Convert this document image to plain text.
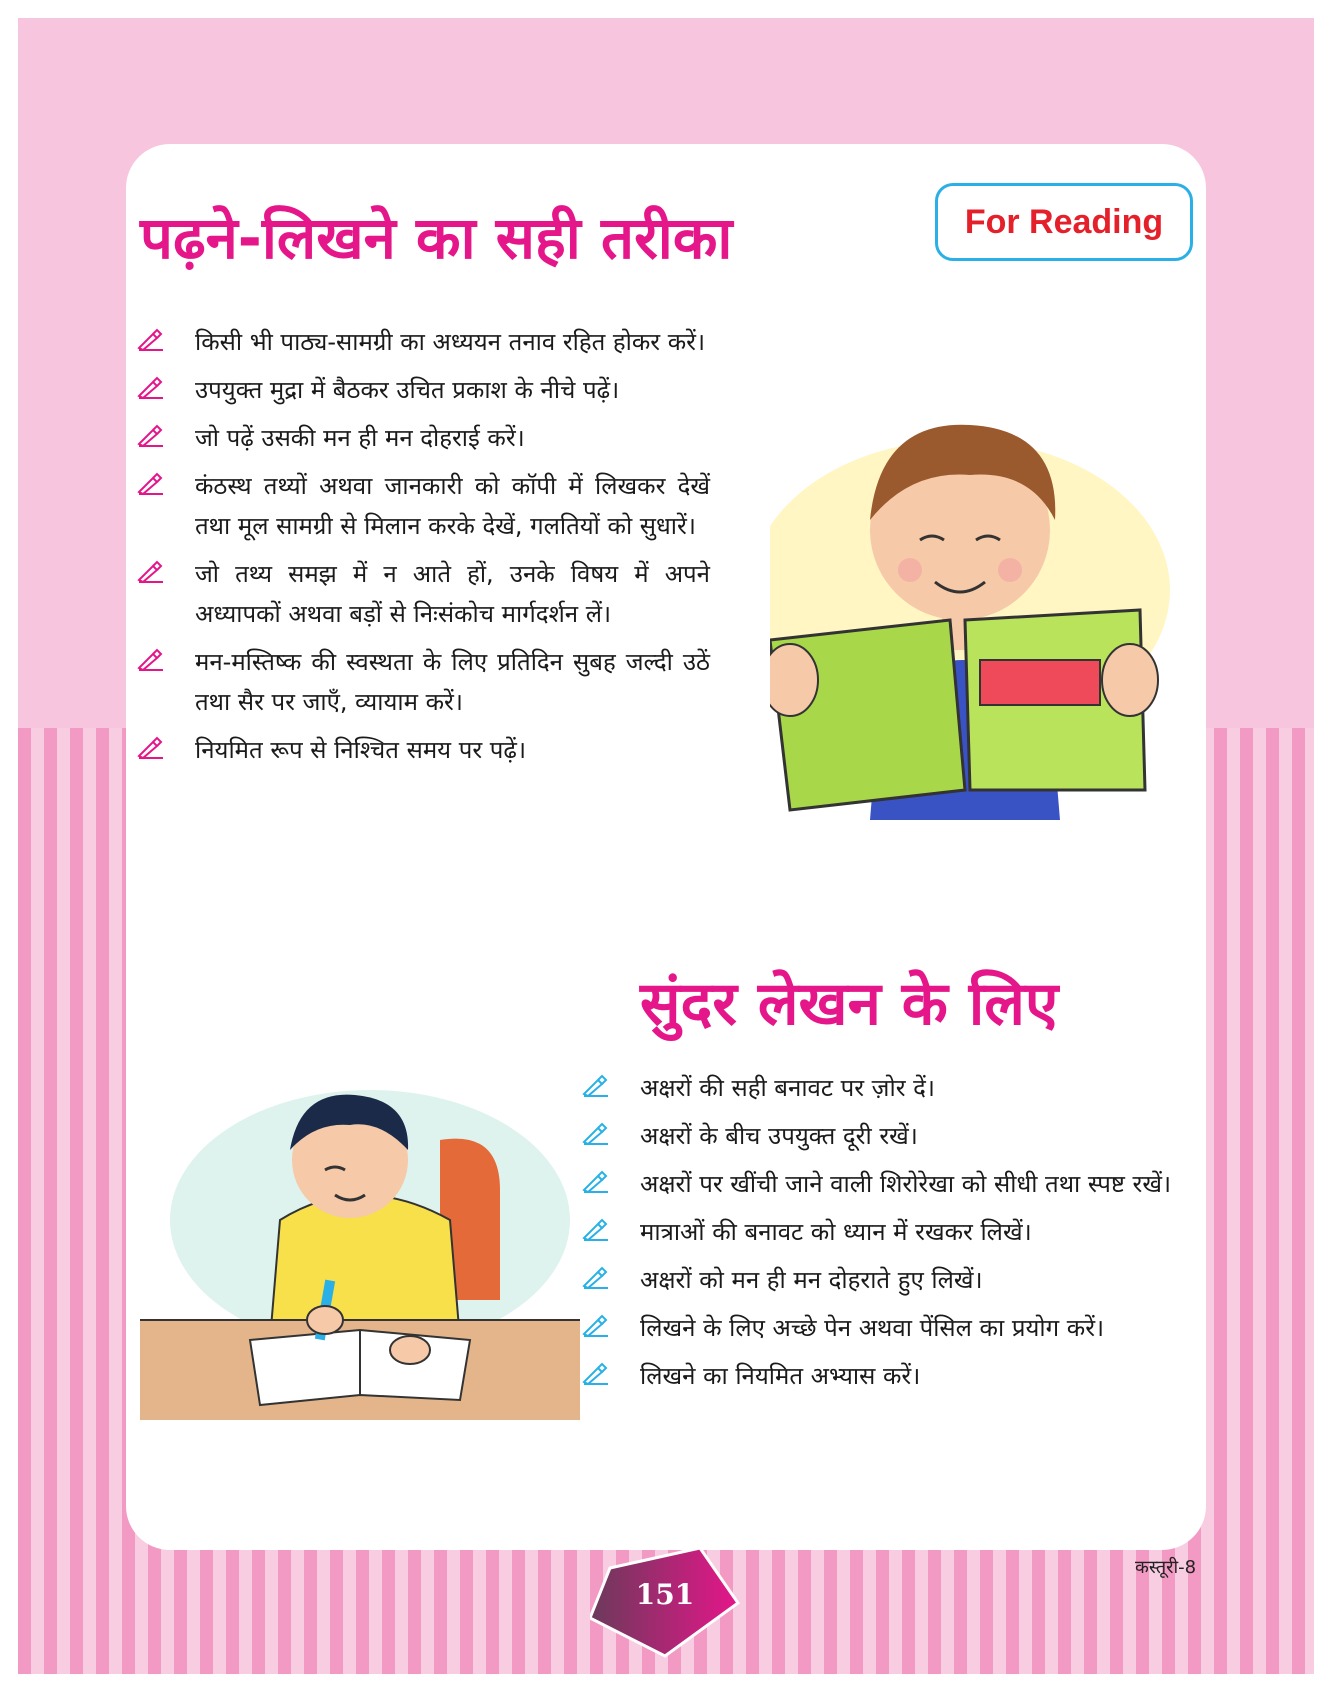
पढ़ने-लिखने का सही तरीका	For Reading
किसी भी पाठ्य-सामग्री का अध्ययन तनाव रहित होकर करें।
उपयुक्त मुद्रा में बैठकर उचित प्रकाश के नीचे पढ़ें।
जो पढ़ें उसकी मन ही मन दोहराई करें।
कंठस्थ तथ्यों अथवा जानकारी को कॉपी में लिखकर देखें तथा मूल सामग्री से मिलान करके देखें, गलतियों को सुधारें।
जो तथ्य समझ में न आते हों, उनके विषय में अपने अध्यापकों अथवा बड़ों से निःसंकोच मार्गदर्शन लें।
मन-मस्तिष्क की स्वस्थता के लिए प्रतिदिन सुबह जल्दी उठें तथा सैर पर जाएँ, व्यायाम करें।
नियमित रूप से निश्चित समय पर पढ़ें।
सुंदर लेखन के लिए
अक्षरों की सही बनावट पर ज़ोर दें।
अक्षरों के बीच उपयुक्त दूरी रखें।
अक्षरों पर खींची जाने वाली शिरोरेखा को सीधी तथा स्पष्ट रखें।
मात्राओं की बनावट को ध्यान में रखकर लिखें।
अक्षरों को मन ही मन दोहराते हुए लिखें।
लिखने के लिए अच्छे पेन अथवा पेंसिल का प्रयोग करें।
लिखने का नियमित अभ्यास करें।
151
कस्तूरी-8
